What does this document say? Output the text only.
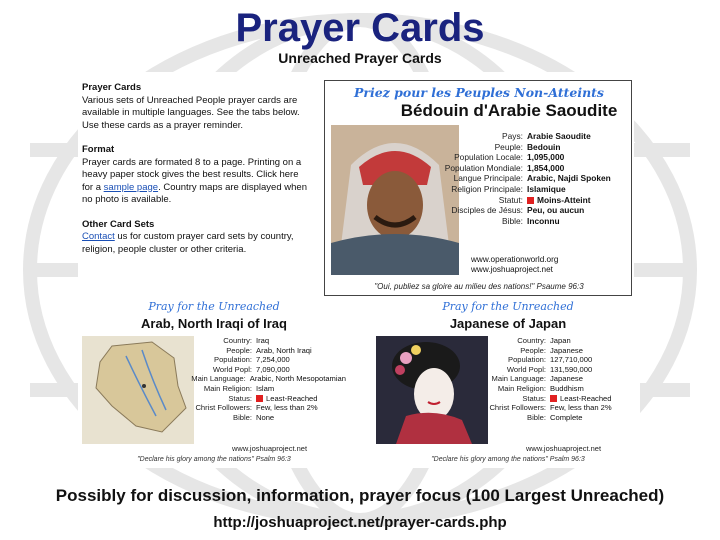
Prayer Cards
Unreached Prayer Cards
Prayer Cards
Various sets of Unreached People prayer cards are available in multiple languages. See the tabs below. Use these cards as a prayer reminder.
Format
Prayer cards are formated 8 to a page. Printing on a heavy paper stock gives the best results. Click here for a sample page. Country maps are displayed when no photo is available.
Other Card Sets
Contact us for custom prayer card sets by country, religion, people cluster or other criteria.
Priez pour les Peuples Non-Atteints
Bédouin d'Arabie Saoudite
Pays: Arabie Saoudite
Peuple: Bedouin
Population Locale: 1,095,000
Population Mondiale: 1,854,000
Langue Principale: Arabic, Najdi Spoken
Religion Principale: Islamique
Statut:	Moins-Atteint
Disciples de Jésus: Peu, ou aucun
Bible: Inconnu
www.operationworld.org
www.joshuaproject.net
"Oui, publiez sa gloire au milieu des nations!" Psaume 96:3
Pray for the Unreached
Arab, North Iraqi of Iraq
Country: Iraq
People: Arab, North Iraqi
Population: 7,254,000
World Popl: 7,090,000
Main Language: Arabic, North Mesopotamian
Main Religion: Islam
Status:	Least-Reached
Christ Followers: Few, less than 2%
Bible: None
www.joshuaproject.net
"Declare his glory among the nations" Psalm 96:3
Pray for the Unreached
Japanese of Japan
Country: Japan
People: Japanese
Population: 127,710,000
World Popl: 131,590,000
Main Language: Japanese
Main Religion: Buddhism
Status:	Least-Reached
Christ Followers: Few, less than 2%
Bible: Complete
www.joshuaproject.net
"Declare his glory among the nations" Psalm 96:3
Possibly for discussion, information, prayer focus (100 Largest Unreached)
http://joshuaproject.net/prayer-cards.php
